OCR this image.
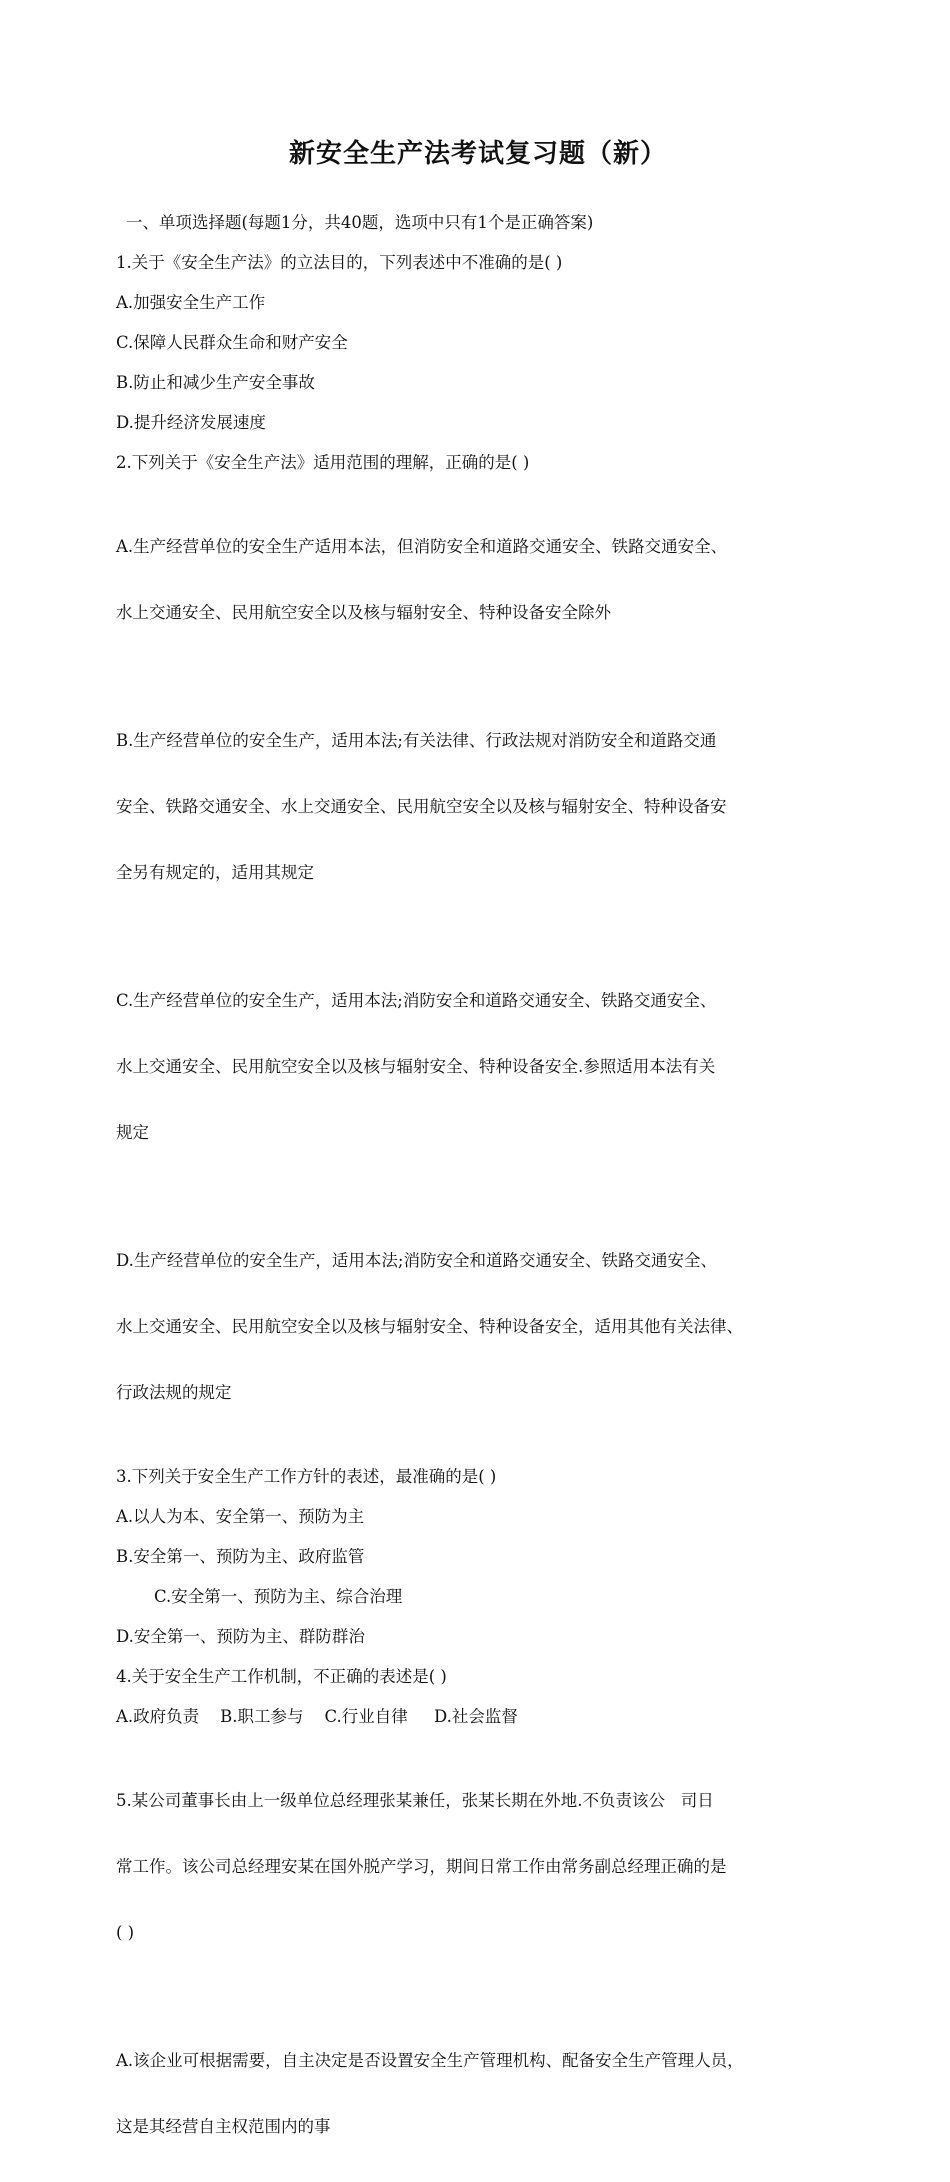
新安全生产法考试复习题（新）
一、单项选择题(每题1分，共40题，选项中只有1个是正确答案)
1.关于《安全生产法》的立法目的，下列表述中不准确的是( )
A.加强安全生产工作
C.保障人民群众生命和财产安全
B.防止和减少生产安全事故
D.提升经济发展速度
2.下列关于《安全生产法》适用范围的理解，正确的是( )

A.生产经营单位的安全生产适用本法，但消防安全和道路交通安全、铁路交通安全、

水上交通安全、民用航空安全以及核与辐射安全、特种设备安全除外

B.生产经营单位的安全生产，适用本法;有关法律、行政法规对消防安全和道路交通

安全、铁路交通安全、水上交通安全、民用航空安全以及核与辐射安全、特种设备安

全另有规定的，适用其规定

C.生产经营单位的安全生产，适用本法;消防安全和道路交通安全、铁路交通安全、

水上交通安全、民用航空安全以及核与辐射安全、特种设备安全.参照适用本法有关

规定

D.生产经营单位的安全生产，适用本法;消防安全和道路交通安全、铁路交通安全、

水上交通安全、民用航空安全以及核与辐射安全、特种设备安全，适用其他有关法律、

行政法规的规定

3.下列关于安全生产工作方针的表述，最准确的是( )
A.以人为本、安全第一、预防为主
B.安全第一、预防为主、政府监管
C.安全第一、预防为主、综合治理
D.安全第一、预防为主、群防群治
4.关于安全生产工作机制，不正确的表述是( )
A.政府负责    B.职工参与    C.行业自律     D.社会监督

5.某公司董事长由上一级单位总经理张某兼任，张某长期在外地.不负责该公   司日

常工作。该公司总经理安某在国外脱产学习，期间日常工作由常务副总经理正确的是

( )

A.该企业可根据需要，自主决定是否设置安全生产管理机构、配备安全生产管理人员，

这是其经营自主权范围内的事
